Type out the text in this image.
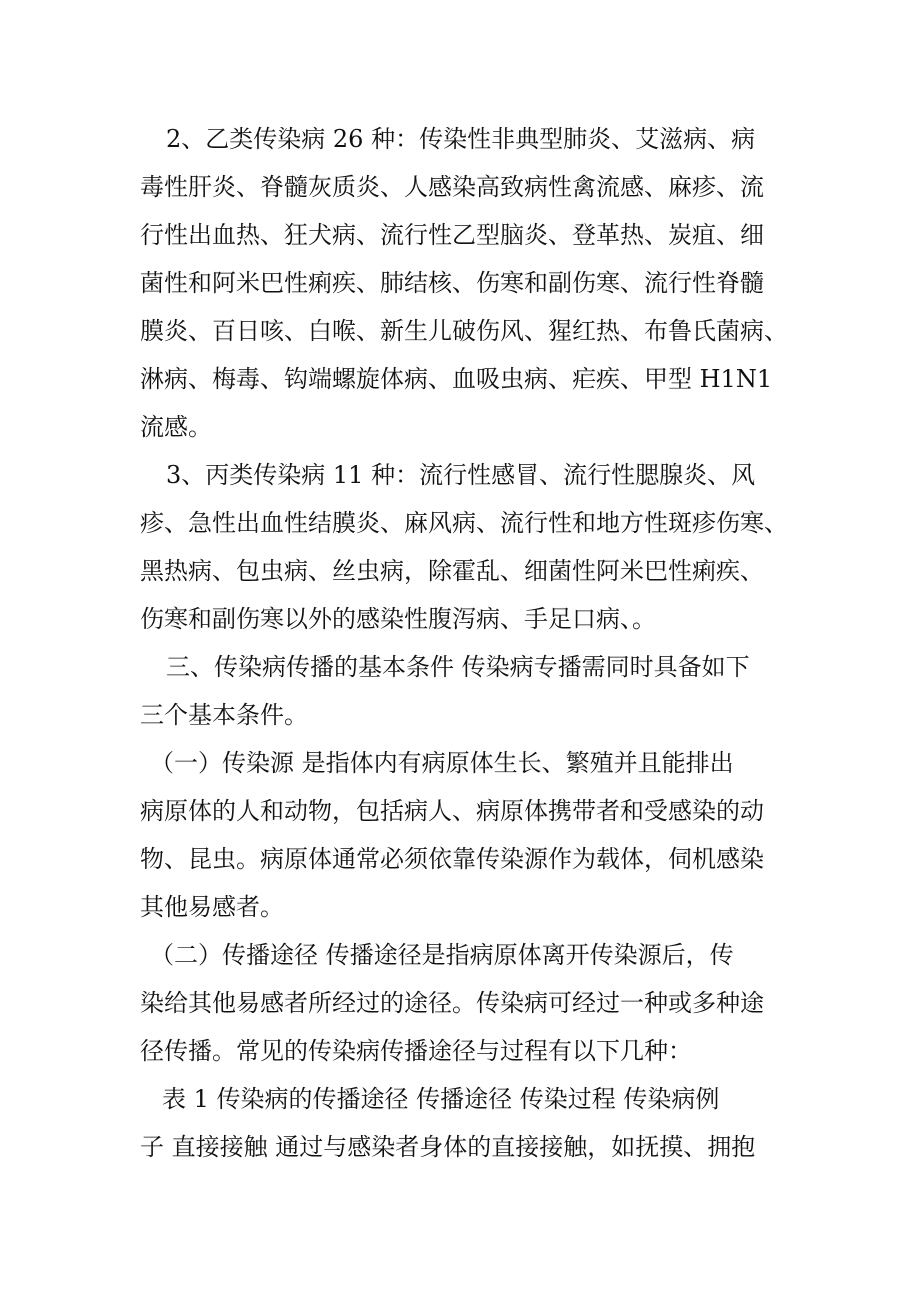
2、乙类传染病 26 种：传染性非典型肺炎、艾滋病、病
毒性肝炎、脊髓灰质炎、人感染高致病性禽流感、麻疹、流
行性出血热、狂犬病、流行性乙型脑炎、登革热、炭疽、细
菌性和阿米巴性痢疾、肺结核、伤寒和副伤寒、流行性脊髓
膜炎、百日咳、白喉、新生儿破伤风、猩红热、布鲁氏菌病、
淋病、梅毒、钩端螺旋体病、血吸虫病、疟疾、甲型 H1N1
流感。
3、丙类传染病 11 种：流行性感冒、流行性腮腺炎、风
疹、急性出血性结膜炎、麻风病、流行性和地方性斑疹伤寒、
黑热病、包虫病、丝虫病，除霍乱、细菌性阿米巴性痢疾、
伤寒和副伤寒以外的感染性腹泻病、手足口病、。
三、传染病传播的基本条件 传染病专播需同时具备如下
三个基本条件。
（一）传染源 是指体内有病原体生长、繁殖并且能排出
病原体的人和动物，包括病人、病原体携带者和受感染的动
物、昆虫。病原体通常必须依靠传染源作为载体，伺机感染
其他易感者。
（二）传播途径 传播途径是指病原体离开传染源后，传
染给其他易感者所经过的途径。传染病可经过一种或多种途
径传播。常见的传染病传播途径与过程有以下几种：
表 1 传染病的传播途径 传播途径 传染过程 传染病例
子 直接接触 通过与感染者身体的直接接触，如抚摸、拥抱
